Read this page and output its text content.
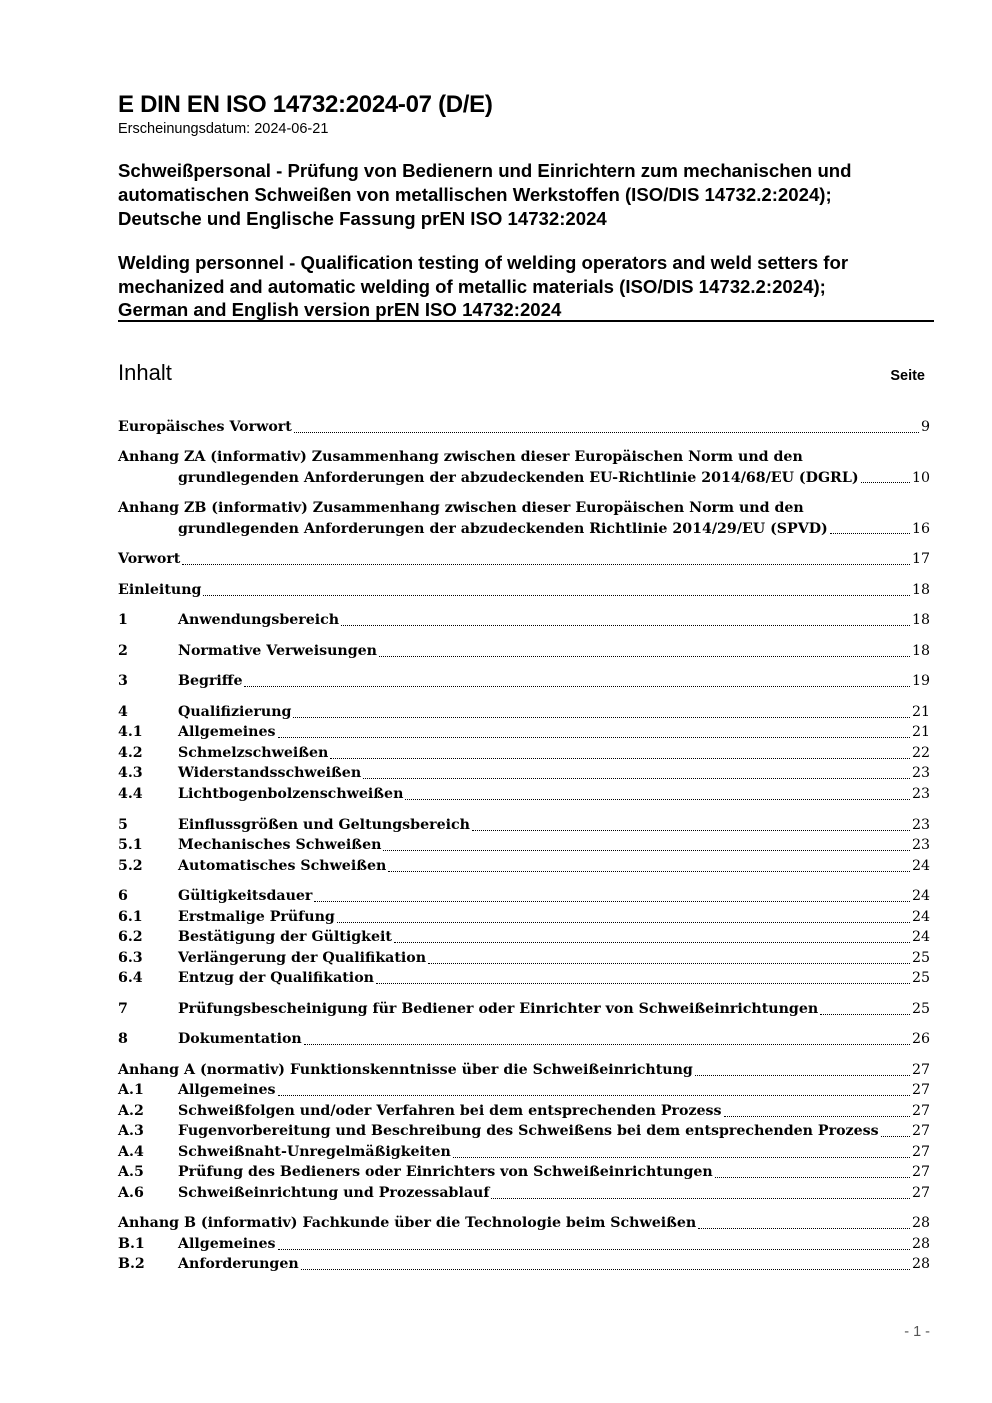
E DIN EN ISO 14732:2024-07 (D/E)
Erscheinungsdatum: 2024-06-21
Schweißpersonal - Prüfung von Bedienern und Einrichtern zum mechanischen und
automatischen Schweißen von metallischen Werkstoffen (ISO/DIS 14732.2:2024);
Deutsche und Englische Fassung prEN ISO 14732:2024
Welding personnel - Qualification testing of welding operators and weld setters for
mechanized and automatic welding of metallic materials (ISO/DIS 14732.2:2024);
German and English version prEN ISO 14732:2024
Inhalt	Seite
Europäisches Vorwort	9
Anhang ZA (informativ) Zusammenhang zwischen dieser Europäischen Norm und den
grundlegenden Anforderungen der abzudeckenden EU-Richtlinie 2014/68/EU (DGRL)	10
Anhang ZB (informativ) Zusammenhang zwischen dieser Europäischen Norm und den
grundlegenden Anforderungen der abzudeckenden Richtlinie 2014/29/EU (SPVD)	16
Vorwort	17
Einleitung	18
1	Anwendungsbereich	18
2	Normative Verweisungen	18
3	Begriffe	19
4	Qualifizierung	21
4.1	Allgemeines	21
4.2	Schmelzschweißen	22
4.3	Widerstandsschweißen	23
4.4	Lichtbogenbolzenschweißen	23
5	Einflussgrößen und Geltungsbereich	23
5.1	Mechanisches Schweißen	23
5.2	Automatisches Schweißen	24
6	Gültigkeitsdauer	24
6.1	Erstmalige Prüfung	24
6.2	Bestätigung der Gültigkeit	24
6.3	Verlängerung der Qualifikation	25
6.4	Entzug der Qualifikation	25
7	Prüfungsbescheinigung für Bediener oder Einrichter von Schweißeinrichtungen	25
8	Dokumentation	26
Anhang A (normativ) Funktionskenntnisse über die Schweißeinrichtung	27
A.1	Allgemeines	27
A.2	Schweißfolgen und/oder Verfahren bei dem entsprechenden Prozess	27
A.3	Fugenvorbereitung und Beschreibung des Schweißens bei dem entsprechenden Prozess 27
A.4	Schweißnaht-Unregelmäßigkeiten	27
A.5	Prüfung des Bedieners oder Einrichters von Schweißeinrichtungen	27
A.6	Schweißeinrichtung und Prozessablauf	27
Anhang B (informativ) Fachkunde über die Technologie beim Schweißen	28
B.1	Allgemeines	28
B.2	Anforderungen	28
- 1 -
